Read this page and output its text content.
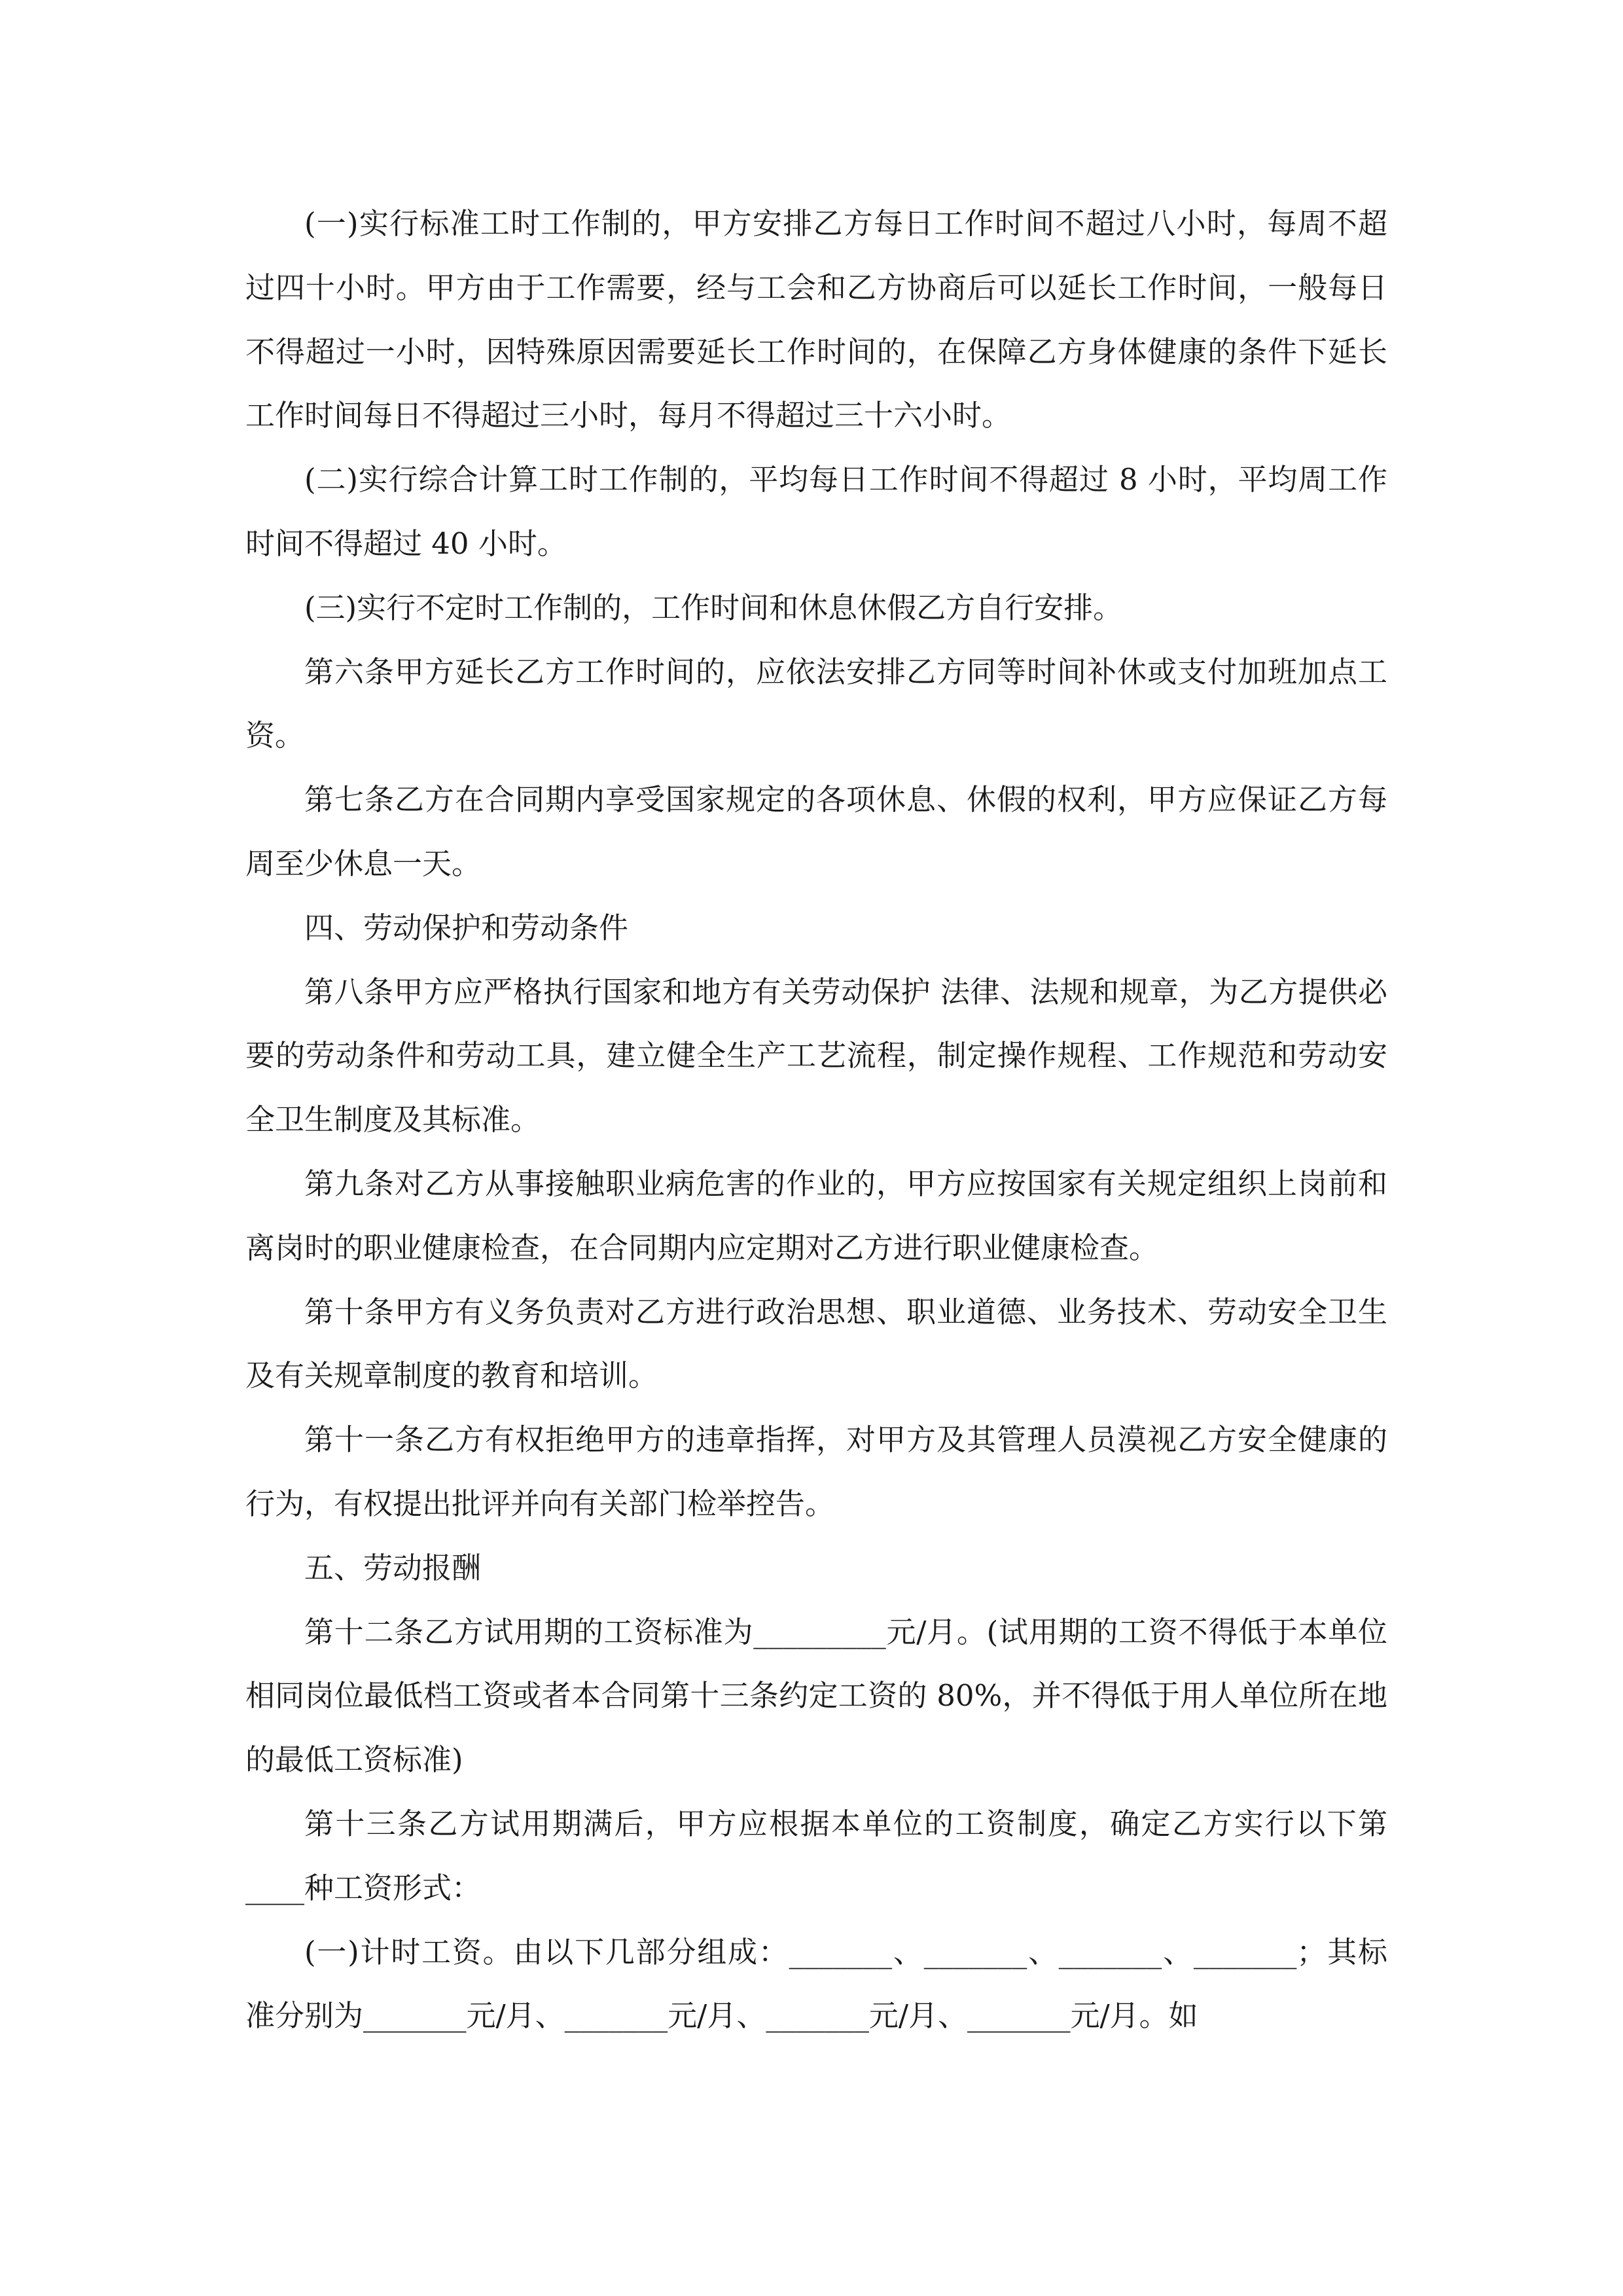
(一)实行标准工时工作制的，甲方安排乙方每日工作时间不超过八小时，每周不超过四十小时。甲方由于工作需要，经与工会和乙方协商后可以延长工作时间，一般每日不得超过一小时，因特殊原因需要延长工作时间的，在保障乙方身体健康的条件下延长工作时间每日不得超过三小时，每月不得超过三十六小时。

(二)实行综合计算工时工作制的，平均每日工作时间不得超过 8 小时，平均周工作时间不得超过 40 小时。

(三)实行不定时工作制的，工作时间和休息休假乙方自行安排。

第六条甲方延长乙方工作时间的，应依法安排乙方同等时间补休或支付加班加点工资。

第七条乙方在合同期内享受国家规定的各项休息、休假的权利，甲方应保证乙方每周至少休息一天。

四、劳动保护和劳动条件

第八条甲方应严格执行国家和地方有关劳动保护 法律、法规和规章，为乙方提供必要的劳动条件和劳动工具，建立健全生产工艺流程，制定操作规程、工作规范和劳动安全卫生制度及其标准。

第九条对乙方从事接触职业病危害的作业的，甲方应按国家有关规定组织上岗前和离岗时的职业健康检查，在合同期内应定期对乙方进行职业健康检查。

第十条甲方有义务负责对乙方进行政治思想、职业道德、业务技术、劳动安全卫生及有关规章制度的教育和培训。

第十一条乙方有权拒绝甲方的违章指挥，对甲方及其管理人员漠视乙方安全健康的行为，有权提出批评并向有关部门检举控告。

五、劳动报酬

第十二条乙方试用期的工资标准为_________元/月。(试用期的工资不得低于本单位相同岗位最低档工资或者本合同第十三条约定工资的 80%，并不得低于用人单位所在地的最低工资标准)

第十三条乙方试用期满后，甲方应根据本单位的工资制度，确定乙方实行以下第____种工资形式：

(一)计时工资。由以下几部分组成：_______、_______、_______、_______；其标准分别为_______元/月、_______元/月、_______元/月、_______元/月。如
